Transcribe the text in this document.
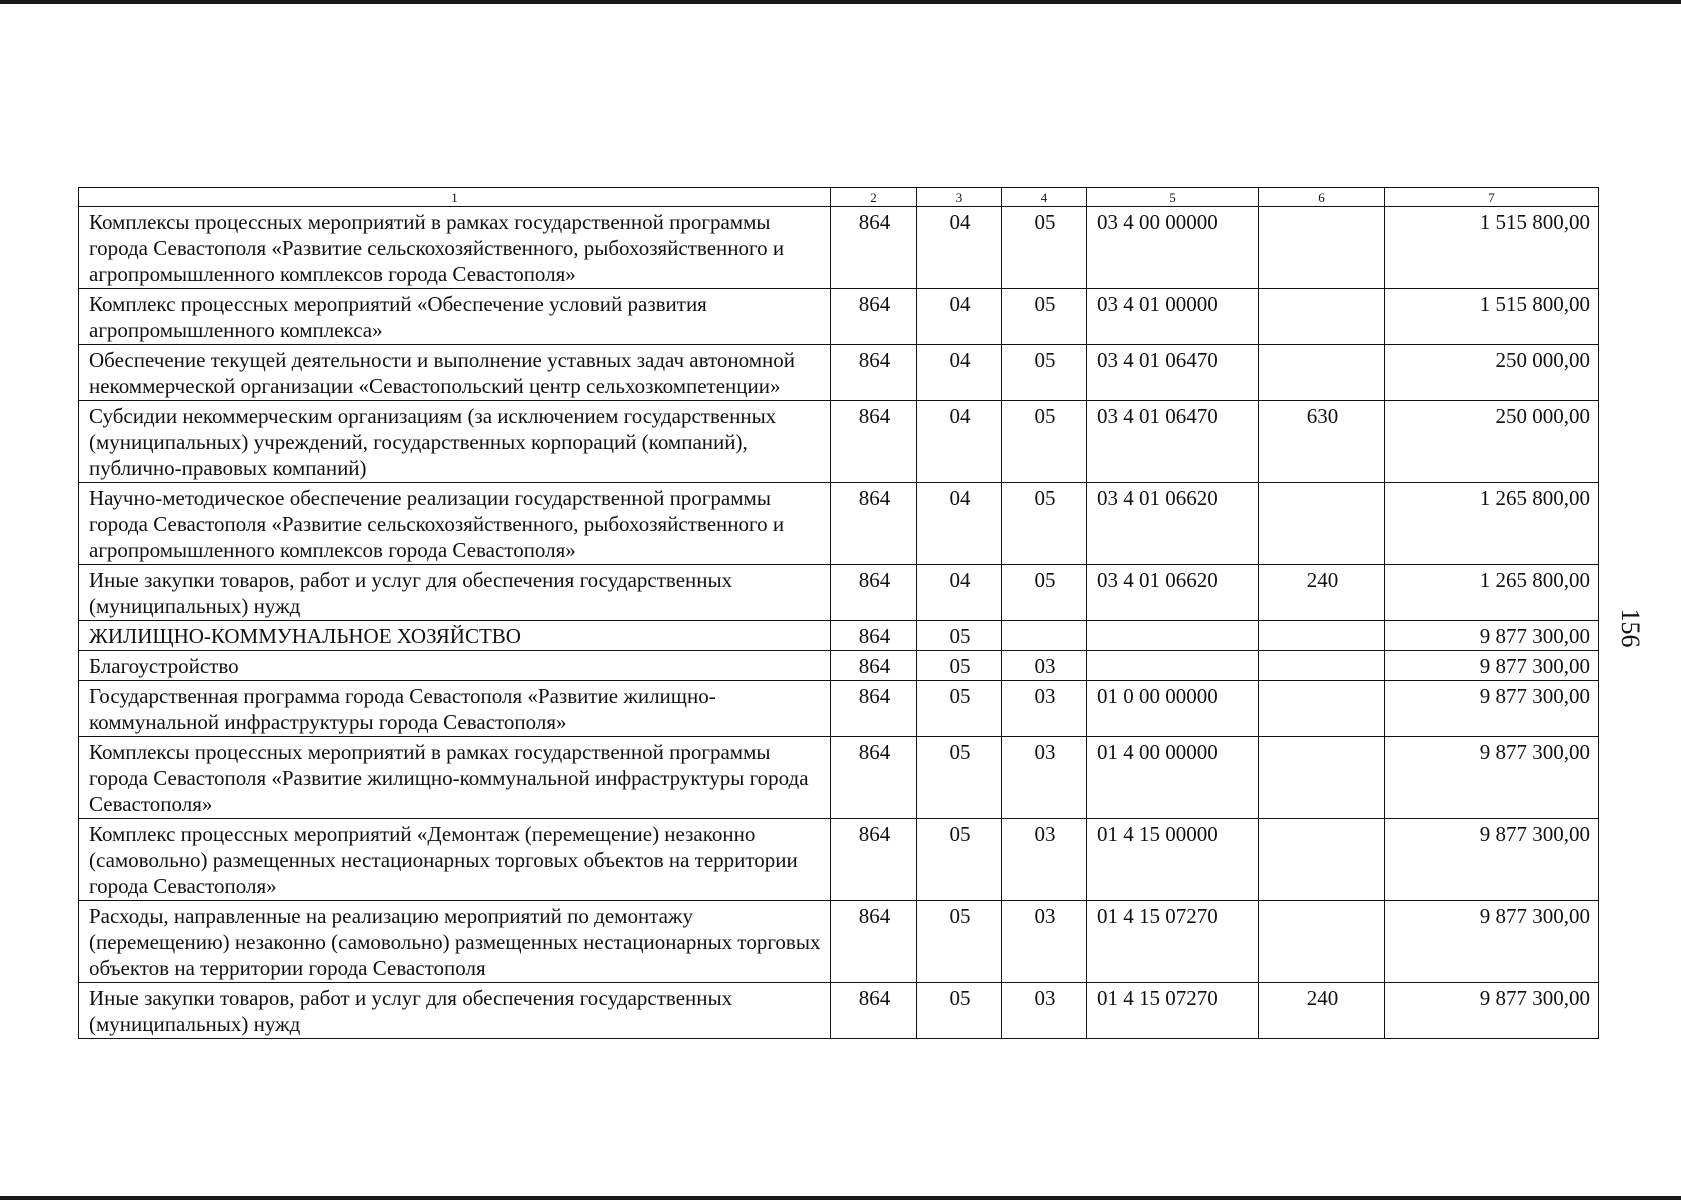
1	2	3	4	5	6	7
Комплексы процессных мероприятий в рамках государственной программы города Севастополя «Развитие сельскохозяйственного, рыбохозяйственного и агропромышленного комплексов города Севастополя»	864	04	05	03 4 00 00000		1 515 800,00
Комплекс процессных мероприятий «Обеспечение условий развития агропромышленного комплекса»	864	04	05	03 4 01 00000		1 515 800,00
Обеспечение текущей деятельности и выполнение уставных задач автономной некоммерческой организации «Севастопольский центр сельхозкомпетенции»	864	04	05	03 4 01 06470		250 000,00
Субсидии некоммерческим организациям (за исключением государственных (муниципальных) учреждений, государственных корпораций (компаний), публично-правовых компаний)	864	04	05	03 4 01 06470	630	250 000,00
Научно-методическое обеспечение реализации государственной программы города Севастополя «Развитие сельскохозяйственного, рыбохозяйственного и агропромышленного комплексов города Севастополя»	864	04	05	03 4 01 06620		1 265 800,00
Иные закупки товаров, работ и услуг для обеспечения государственных (муниципальных) нужд	864	04	05	03 4 01 06620	240	1 265 800,00
ЖИЛИЩНО-КОММУНАЛЬНОЕ ХОЗЯЙСТВО	864	05				9 877 300,00
Благоустройство	864	05	03			9 877 300,00
Государственная программа города Севастополя «Развитие жилищно-коммунальной инфраструктуры города Севастополя»	864	05	03	01 0 00 00000		9 877 300,00
Комплексы процессных мероприятий в рамках государственной программы города Севастополя «Развитие жилищно-коммунальной инфраструктуры города Севастополя»	864	05	03	01 4 00 00000		9 877 300,00
Комплекс процессных мероприятий «Демонтаж (перемещение) незаконно (самовольно) размещенных нестационарных торговых объектов на территории города Севастополя»	864	05	03	01 4 15 00000		9 877 300,00
Расходы, направленные на реализацию мероприятий по демонтажу (перемещению) незаконно (самовольно) размещенных нестационарных торговых объектов на территории города Севастополя	864	05	03	01 4 15 07270		9 877 300,00
Иные закупки товаров, работ и услуг для обеспечения государственных (муниципальных) нужд	864	05	03	01 4 15 07270	240	9 877 300,00
156
